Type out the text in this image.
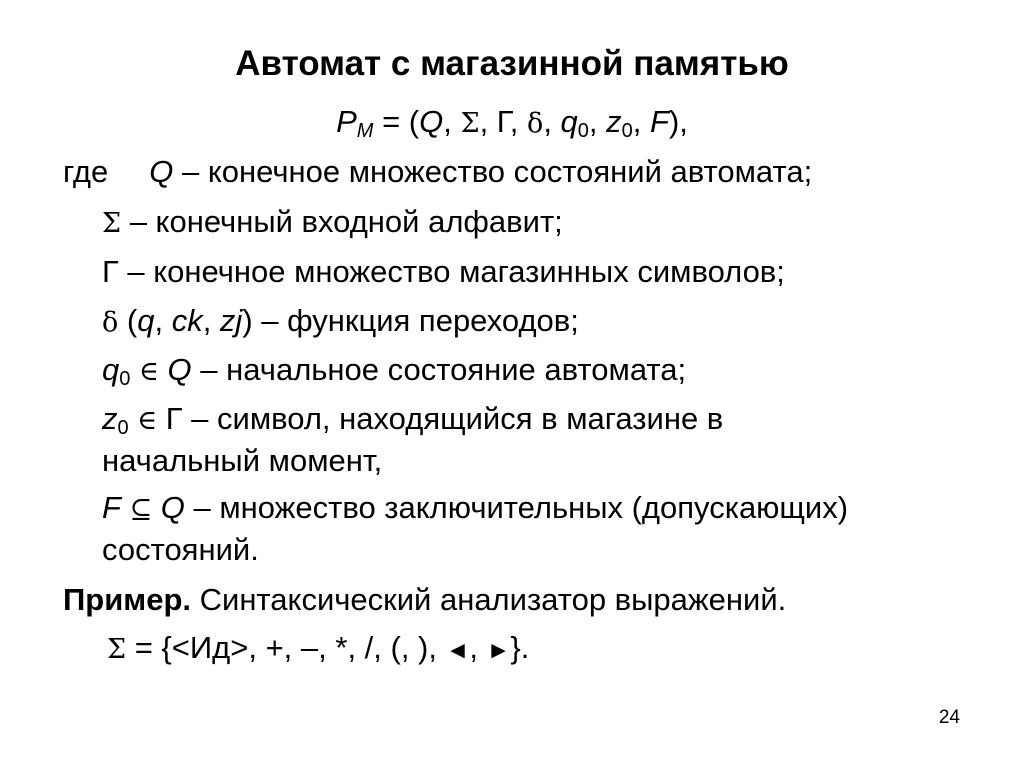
Автомат с магазинной памятью
$P_M = (Q$, Σ, Г, δ, $q_0$, $z_0$, F),
где Q – конечное множество состояний автомата;
Σ – конечный входной алфавит;
Г – конечное множество магазинных символов;
δ (q, ck, zj) – функция переходов;
$q_0$ ∈ Q – начальное состояние автомата;
$z_0$ ∈ Г – символ, находящийся в магазине в
начальный момент,
F ⊆ Q – множество заключительных (допускающих)
состояний.
Пример. Синтаксический анализатор выражений.
Σ = {<Ид>, +, –, *, /, (, ), ◄, ►}.
24
